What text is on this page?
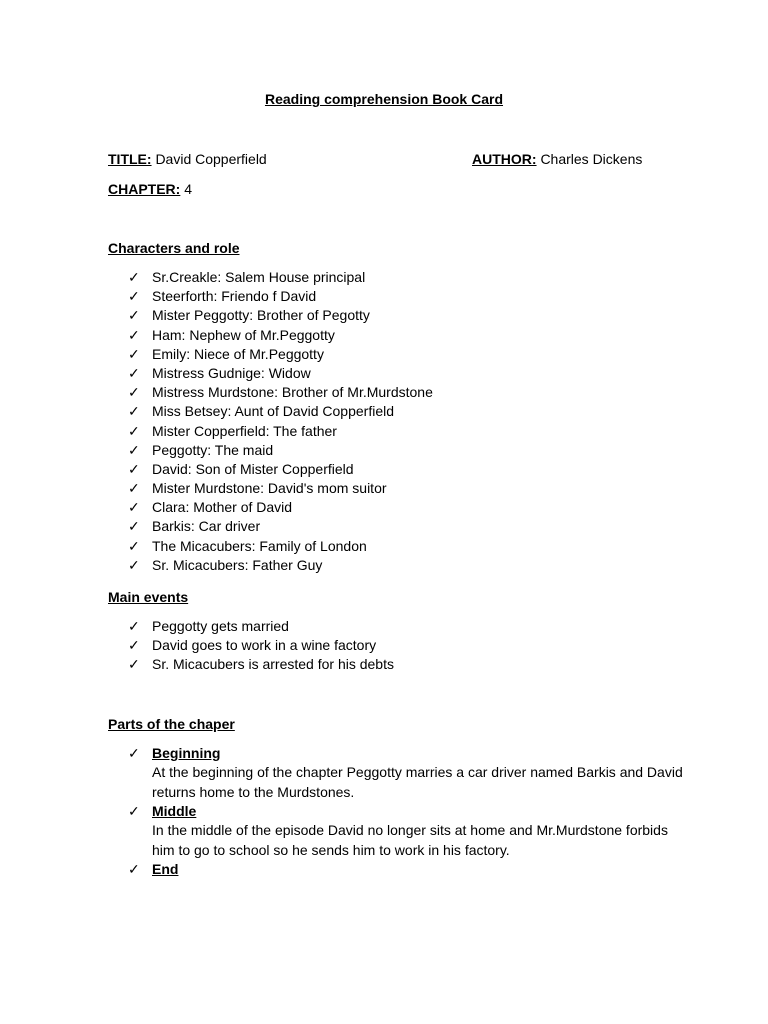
Reading comprehension Book Card
TITLE: David Copperfield	AUTHOR: Charles Dickens
CHAPTER: 4
Characters and role
✓ Sr.Creakle: Salem House principal
✓ Steerforth: Friendo f David
✓ Mister Peggotty: Brother of Pegotty
✓ Ham: Nephew of Mr.Peggotty
✓ Emily: Niece of Mr.Peggotty
✓ Mistress Gudnige: Widow
✓ Mistress Murdstone: Brother of Mr.Murdstone
✓ Miss Betsey: Aunt of David Copperfield
✓ Mister Copperfield: The father
✓ Peggotty: The maid
✓ David: Son of Mister Copperfield
✓ Mister Murdstone: David's mom suitor
✓ Clara: Mother of David
✓ Barkis: Car driver
✓ The Micacubers: Family of London
✓ Sr. Micacubers: Father Guy
Main events
✓ Peggotty gets married
✓ David goes to work in a wine factory
✓ Sr. Micacubers is arrested for his debts
Parts of the chaper
✓ Beginning
At the beginning of the chapter Peggotty marries a car driver named Barkis and David returns home to the Murdstones.
✓ Middle
In the middle of the episode David no longer sits at home and Mr.Murdstone forbids him to go to school so he sends him to work in his factory.
✓ End
